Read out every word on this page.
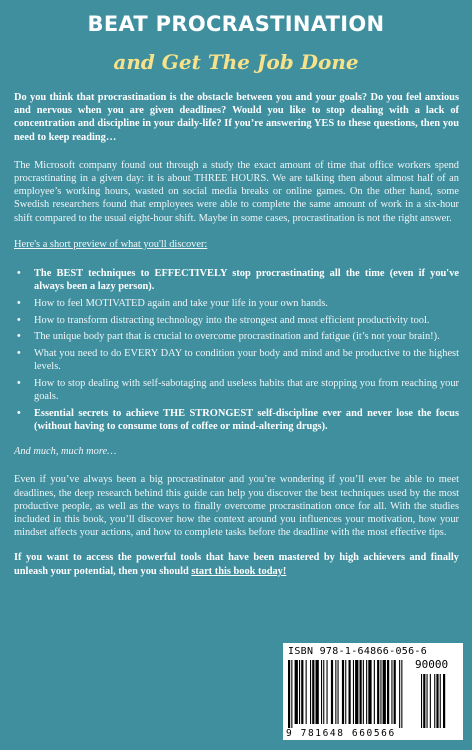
BEAT PROCRASTINATION
and Get The Job Done

Do you think that procrastination is the obstacle between you and your goals? Do you feel anxious and nervous when you are given deadlines? Would you like to stop dealing with a lack of concentration and discipline in your daily-life? If you’re answering YES to these questions, then you need to keep reading…

The Microsoft company found out through a study the exact amount of time that office workers spend procrastinating in a given day: it is about THREE HOURS. We are talking then about almost half of an employee’s working hours, wasted on social media breaks or online games. On the other hand, some Swedish researchers found that employees were able to complete the same amount of work in a six-hour shift compared to the usual eight-hour shift. Maybe in some cases, procrastination is not the right answer.

Here's a short preview of what you'll discover:

• The BEST techniques to EFFECTIVELY stop procrastinating all the time (even if you've always been a lazy person).
• How to feel MOTIVATED again and take your life in your own hands.
• How to transform distracting technology into the strongest and most efficient productivity tool.
• The unique body part that is crucial to overcome procrastination and fatigue (it’s not your brain!).
• What you need to do EVERY DAY to condition your body and mind and be productive to the highest levels.
• How to stop dealing with self-sabotaging and useless habits that are stopping you from reaching your goals.
• Essential secrets to achieve THE STRONGEST self-discipline ever and never lose the focus (without having to consume tons of coffee or mind-altering drugs).

And much, much more…

Even if you’ve always been a big procrastinator and you’re wondering if you’ll ever be able to meet deadlines, the deep research behind this guide can help you discover the best techniques used by the most productive people, as well as the ways to finally overcome procrastination once for all. With the studies included in this book, you’ll discover how the context around you influences your motivation, how your mindset affects your actions, and how to complete tasks before the deadline with the most effective tips.

If you want to access the powerful tools that have been mastered by high achievers and finally unleash your potential, then you should start this book today!

ISBN 978-1-64866-056-6
90000
9 781648 660566
